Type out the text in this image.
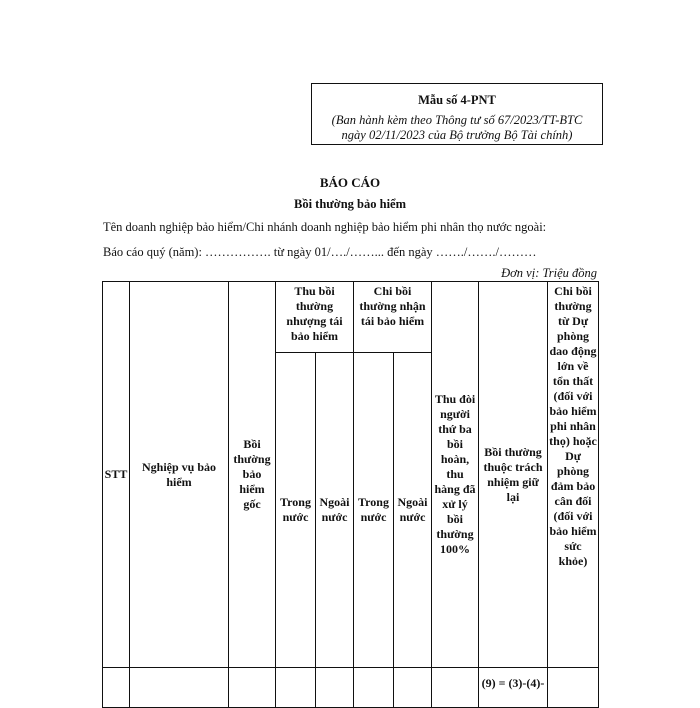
Mẫu số 4-PNT
(Ban hành kèm theo Thông tư số 67/2023/TT-BTC
ngày 02/11/2023 của Bộ trưởng Bộ Tài chính)
BÁO CÁO
Bồi thường bảo hiểm
Tên doanh nghiệp bảo hiểm/Chi nhánh doanh nghiệp bảo hiểm phi nhân thọ nước ngoài:
Báo cáo quý (năm): ……………. từ ngày 01/…./……... đến ngày ……./……./………
Đơn vị: Triệu đồng
STT	Nghiệp vụ bảo hiểm	Bồi thường bảo hiểm gốc	Thu bồi thường nhượng tái bảo hiểm		Chi bồi thường nhận tái bảo hiểm		Thu đòi người thứ ba bồi hoàn, thu hàng đã xử lý bồi thường 100%	Bồi thường thuộc trách nhiệm giữ lại	Chi bồi thường từ Dự phòng dao động lớn về tổn thất (đối với bảo hiểm phi nhân thọ) hoặc Dự phòng đảm bảo cân đối (đối với bảo hiểm sức khỏe)
			Trong nước	Ngoài nước	Trong nước	Ngoài nước			
								(9) = (3)-(4)-	
